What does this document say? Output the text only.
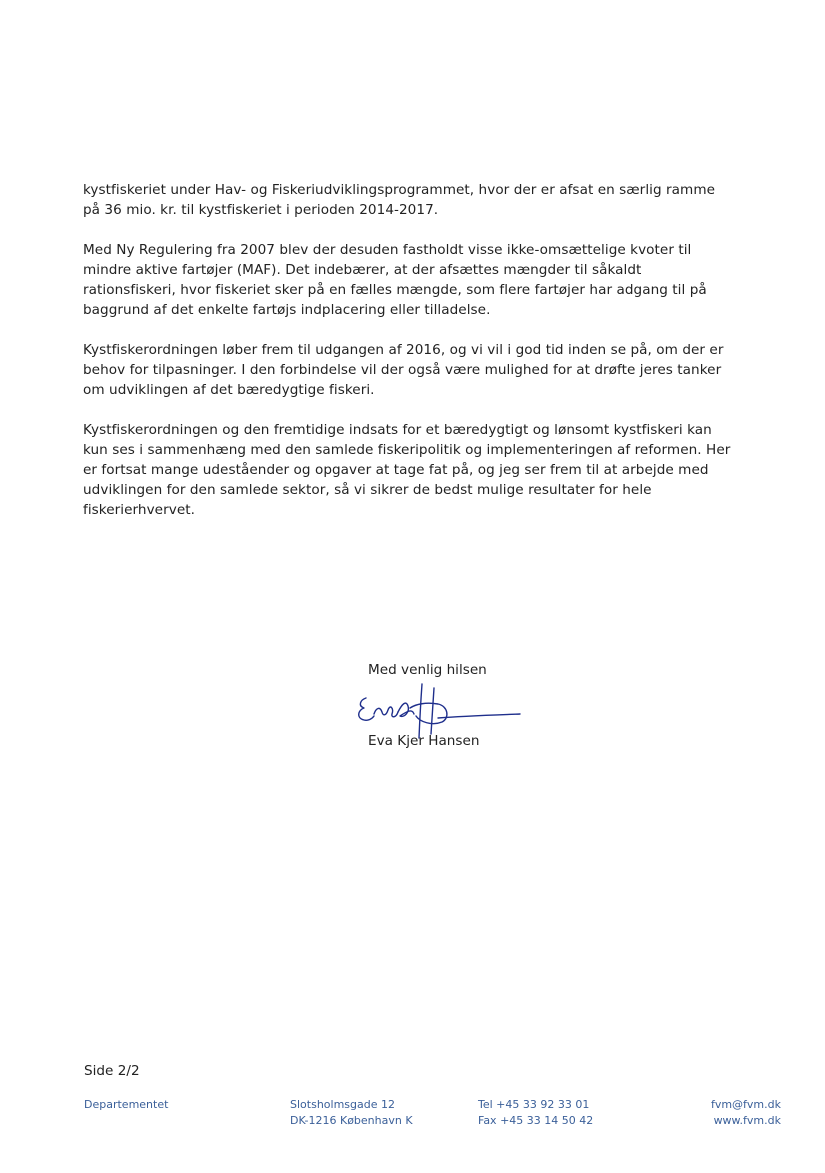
kystfiskeriet under Hav- og Fiskeriudviklingsprogrammet, hvor der er afsat en særlig ramme
på 36 mio. kr. til kystfiskeriet i perioden 2014-2017.

Med Ny Regulering fra 2007 blev der desuden fastholdt visse ikke-omsættelige kvoter til
mindre aktive fartøjer (MAF). Det indebærer, at der afsættes mængder til såkaldt
rationsfiskeri, hvor fiskeriet sker på en fælles mængde, som flere fartøjer har adgang til på
baggrund af det enkelte fartøjs indplacering eller tilladelse.

Kystfiskerordningen løber frem til udgangen af 2016, og vi vil i god tid inden se på, om der er
behov for tilpasninger. I den forbindelse vil der også være mulighed for at drøfte jeres tanker
om udviklingen af det bæredygtige fiskeri.

Kystfiskerordningen og den fremtidige indsats for et bæredygtigt og lønsomt kystfiskeri kan
kun ses i sammenhæng med den samlede fiskeripolitik og implementeringen af reformen. Her
er fortsat mange udeståender og opgaver at tage fat på, og jeg ser frem til at arbejde med
udviklingen for den samlede sektor, så vi sikrer de bedst mulige resultater for hele
fiskerierhvervet.

Med venlig hilsen
Eva Kjer Hansen
Side 2/2
Departementet	Slotsholmsgade 12
DK-1216 København K
Tel +45 33 92 33 01
Fax +45 33 14 50 42
fvm@fvm.dk
www.fvm.dk
